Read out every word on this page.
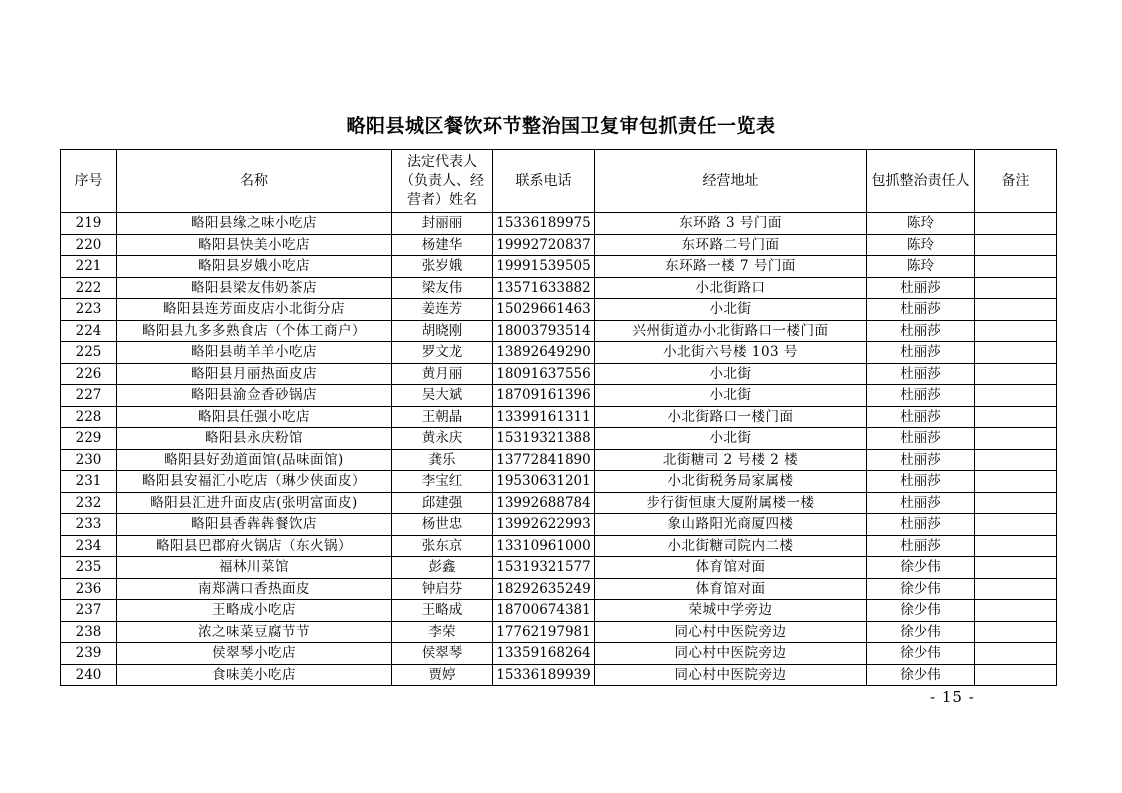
略阳县城区餐饮环节整治国卫复审包抓责任一览表
序号	名称	法定代表人（负责人、经营者）姓名	联系电话	经营地址	包抓整治责任人	备注
219	略阳县缘之味小吃店	封丽丽	15336189975	东环路 3 号门面	陈玲	
220	略阳县快美小吃店	杨建华	19992720837	东环路二号门面	陈玲	
221	略阳县岁娥小吃店	张岁娥	19991539505	东环路一楼 7 号门面	陈玲	
222	略阳县梁友伟奶茶店	梁友伟	13571633882	小北街路口	杜丽莎	
223	略阳县连芳面皮店小北街分店	姜连芳	15029661463	小北街	杜丽莎	
224	略阳县九多多熟食店（个体工商户）	胡晓刚	18003793514	兴州街道办小北街路口一楼门面	杜丽莎	
225	略阳县萌羊羊小吃店	罗文龙	13892649290	小北街六号楼 103 号	杜丽莎	
226	略阳县月丽热面皮店	黄月丽	18091637556	小北街	杜丽莎	
227	略阳县渝佥香砂锅店	吴大斌	18709161396	小北街	杜丽莎	
228	略阳县任强小吃店	王朝晶	13399161311	小北街路口一楼门面	杜丽莎	
229	略阳县永庆粉馆	黄永庆	15319321388	小北街	杜丽莎	
230	略阳县好劲道面馆(品味面馆)	龚乐	13772841890	北街糖司 2 号楼 2 楼	杜丽莎	
231	略阳县安福汇小吃店（琳少侠面皮）	李宝红	19530631201	小北街税务局家属楼	杜丽莎	
232	略阳县汇进升面皮店(张明富面皮)	邱建强	13992688784	步行街恒康大厦附属楼一楼	杜丽莎	
233	略阳县香犇犇餐饮店	杨世忠	13992622993	象山路阳光商厦四楼	杜丽莎	
234	略阳县巴郡府火锅店（东火锅）	张东京	13310961000	小北街糖司院内二楼	杜丽莎	
235	福林川菜馆	彭鑫	15319321577	体育馆对面	徐少伟	
236	南郑满口香热面皮	钟启芬	18292635249	体育馆对面	徐少伟	
237	王略成小吃店	王略成	18700674381	荣城中学旁边	徐少伟	
238	浓之味菜豆腐节节	李荣	17762197981	同心村中医院旁边	徐少伟	
239	侯翠琴小吃店	侯翠琴	13359168264	同心村中医院旁边	徐少伟	
240	食味美小吃店	贾婷	15336189939	同心村中医院旁边	徐少伟	
- 15 -
